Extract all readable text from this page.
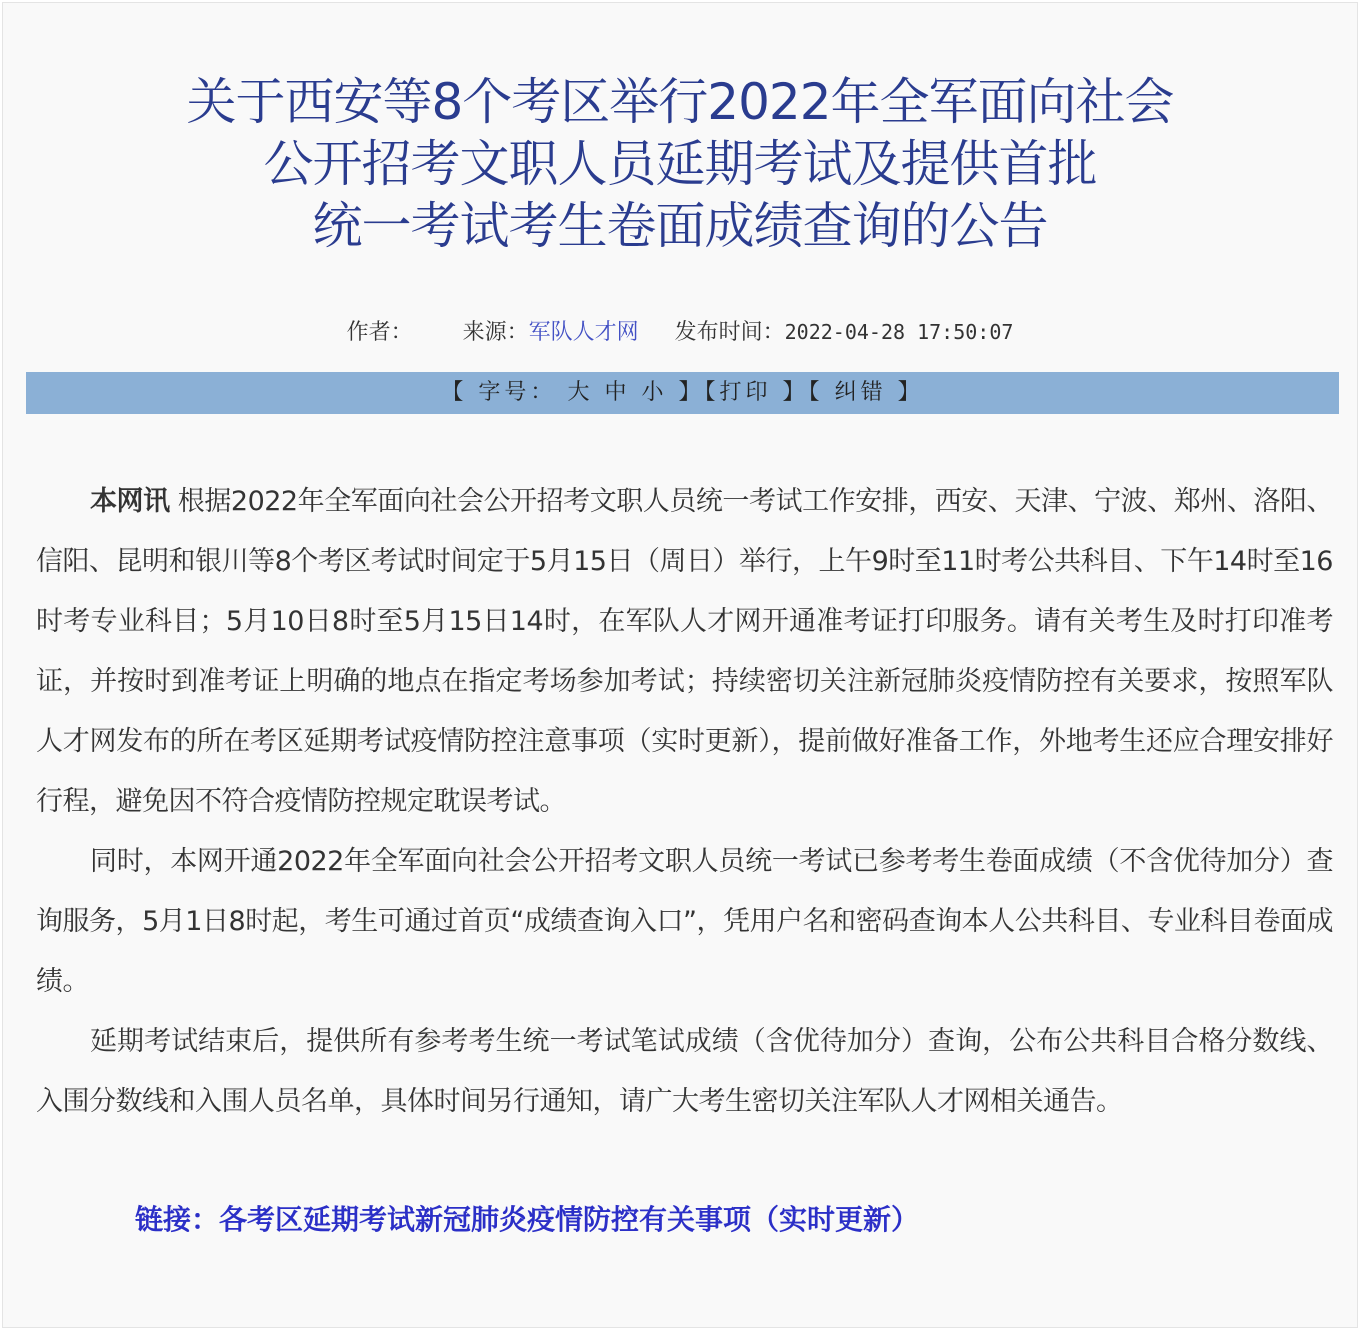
关于西安等8个考区举行2022年全军面向社会
公开招考文职人员延期考试及提供首批
统一考试考生卷面成绩查询的公告
作者： 来源：军队人才网 发布时间：2022-04-28 17:50:07
【 字号： 大 中 小 】【打印 】【 纠错 】

本网讯 根据2022年全军面向社会公开招考文职人员统一考试工作安排，西安、天津、宁波、郑州、洛阳、信阳、昆明和银川等8个考区考试时间定于5月15日（周日）举行，上午9时至11时考公共科目、下午14时至16时考专业科目；5月10日8时至5月15日14时，在军队人才网开通准考证打印服务。请有关考生及时打印准考证，并按时到准考证上明确的地点在指定考场参加考试；持续密切关注新冠肺炎疫情防控有关要求，按照军队人才网发布的所在考区延期考试疫情防控注意事项（实时更新），提前做好准备工作，外地考生还应合理安排好行程，避免因不符合疫情防控规定耽误考试。

同时，本网开通2022年全军面向社会公开招考文职人员统一考试已参考考生卷面成绩（不含优待加分）查询服务，5月1日8时起，考生可通过首页“成绩查询入口”，凭用户名和密码查询本人公共科目、专业科目卷面成绩。

延期考试结束后，提供所有参考考生统一考试笔试成绩（含优待加分）查询，公布公共科目合格分数线、入围分数线和入围人员名单，具体时间另行通知，请广大考生密切关注军队人才网相关通告。

链接：各考区延期考试新冠肺炎疫情防控有关事项（实时更新）
